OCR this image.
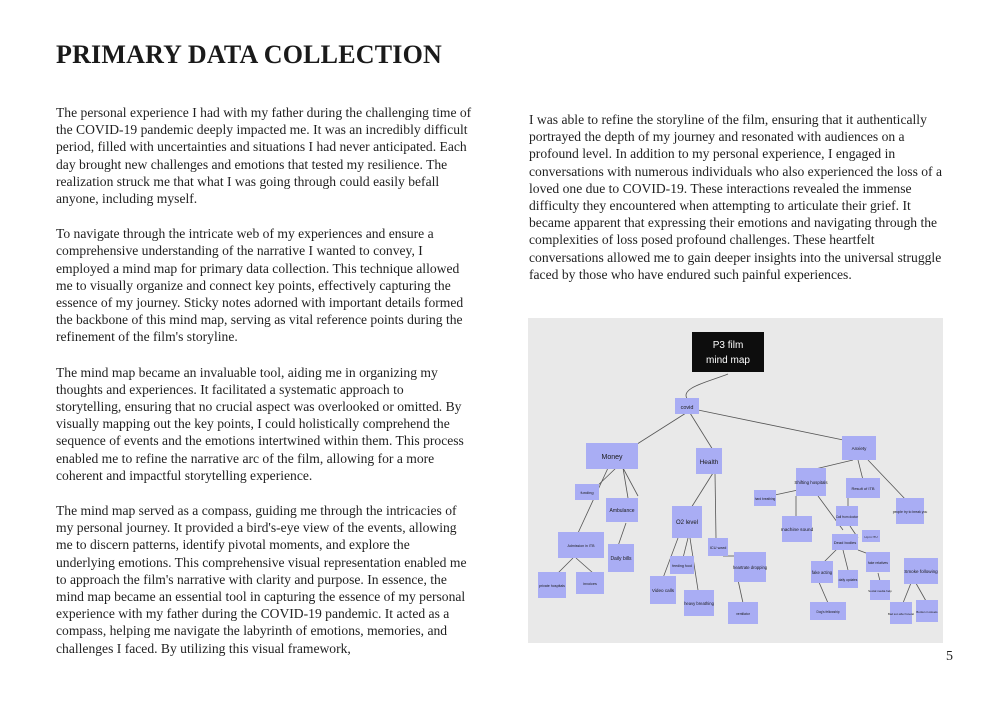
PRIMARY DATA COLLECTION

The personal experience I had with my father during the challenging time of the COVID-19 pandemic deeply impacted me. It was an incredibly difficult period, filled with uncertainties and situations I had never anticipated. Each day brought new challenges and emotions that tested my resilience. The realization struck me that what I was going through could easily befall anyone, including myself.

To navigate through the intricate web of my experiences and ensure a comprehensive understanding of the narrative I wanted to convey, I employed a mind map for primary data collection. This technique allowed me to visually organize and connect key points, effectively capturing the essence of my journey. Sticky notes adorned with important details formed the backbone of this mind map, serving as vital reference points during the refinement of the film's storyline.

The mind map became an invaluable tool, aiding me in organizing my thoughts and experiences. It facilitated a systematic approach to storytelling, ensuring that no crucial aspect was overlooked or omitted. By visually mapping out the key points, I could holistically comprehend the sequence of events and the emotions intertwined within them. This process enabled me to refine the narrative arc of the film, allowing for a more coherent and impactful storytelling experience.

The mind map served as a compass, guiding me through the intricacies of my personal journey. It provided a bird's-eye view of the events, allowing me to discern patterns, identify pivotal moments, and explore the underlying emotions. This comprehensive visual representation enabled me to approach the film's narrative with clarity and purpose. In essence, the mind map became an essential tool in capturing the essence of my personal experience with my father during the COVID-19 pandemic. It acted as a compass, helping me navigate the labyrinth of emotions, memories, and challenges I faced. By utilizing this visual framework,

I was able to refine the storyline of the film, ensuring that it authentically portrayed the depth of my journey and resonated with audiences on a profound level. In addition to my personal experience, I engaged in conversations with numerous individuals who also experienced the loss of a loved one due to COVID-19. These interactions revealed the immense difficulty they encountered when attempting to articulate their grief. It became apparent that expressing their emotions and navigating through the complexities of loss posed profound challenges. These heartfelt conversations allowed me to gain deeper insights into the universal struggle faced by those who have endured such painful experiences.

P3 film
mind map
covid
Money
Health
Anxiety
funding
Ambulance
Admission in ITB
Daily bills
private hospitals	invoices
O2 level
ICU ward
feeding food
Video calls
heavy breathing
heartrate dropping
ventilator
Shifting hospitals
Result of ITB
hard breathing
machine sound
Call from doctor
Ltp in ITU
Dead bodies
fake acting
daily updates
fake relatives
people try to break you
Smoke following
Social media help
Dog's fellowship	Bad son after funeral Burden in streets
5
